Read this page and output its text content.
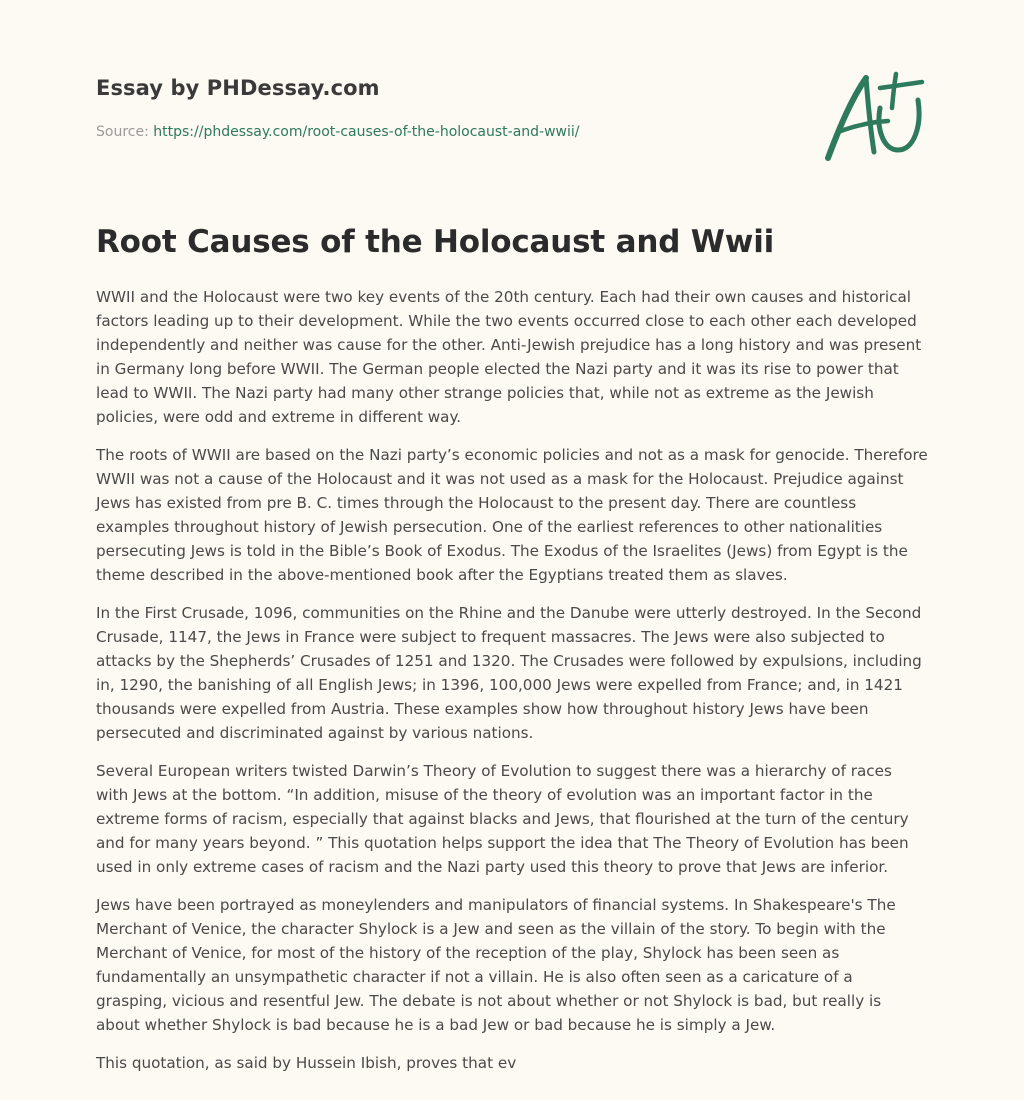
Essay by PHDessay.com

Source: https://phdessay.com/root-causes-of-the-holocaust-and-wwii/

Root Causes of the Holocaust and Wwii

WWII and the Holocaust were two key events of the 20th century. Each had their own causes and historical factors leading up to their development. While the two events occurred close to each other each developed independently and neither was cause for the other. Anti-Jewish prejudice has a long history and was present in Germany long before WWII. The German people elected the Nazi party and it was its rise to power that lead to WWII. The Nazi party had many other strange policies that, while not as extreme as the Jewish policies, were odd and extreme in different way.

The roots of WWII are based on the Nazi party’s economic policies and not as a mask for genocide. Therefore WWII was not a cause of the Holocaust and it was not used as a mask for the Holocaust. Prejudice against Jews has existed from pre B. C. times through the Holocaust to the present day. There are countless examples throughout history of Jewish persecution. One of the earliest references to other nationalities persecuting Jews is told in the Bible’s Book of Exodus. The Exodus of the Israelites (Jews) from Egypt is the theme described in the above-mentioned book after the Egyptians treated them as slaves.

In the First Crusade, 1096, communities on the Rhine and the Danube were utterly destroyed. In the Second Crusade, 1147, the Jews in France were subject to frequent massacres. The Jews were also subjected to attacks by the Shepherds’ Crusades of 1251 and 1320. The Crusades were followed by expulsions, including in, 1290, the banishing of all English Jews; in 1396, 100,000 Jews were expelled from France; and, in 1421 thousands were expelled from Austria. These examples show how throughout history Jews have been persecuted and discriminated against by various nations.

Several European writers twisted Darwin’s Theory of Evolution to suggest there was a hierarchy of races with Jews at the bottom. “In addition, misuse of the theory of evolution was an important factor in the extreme forms of racism, especially that against blacks and Jews, that flourished at the turn of the century and for many years beyond. ” This quotation helps support the idea that The Theory of Evolution has been used in only extreme cases of racism and the Nazi party used this theory to prove that Jews are inferior.

Jews have been portrayed as moneylenders and manipulators of financial systems. In Shakespeare's The Merchant of Venice, the character Shylock is a Jew and seen as the villain of the story. To begin with the Merchant of Venice, for most of the history of the reception of the play, Shylock has been seen as fundamentally an unsympathetic character if not a villain. He is also often seen as a caricature of a grasping, vicious and resentful Jew. The debate is not about whether or not Shylock is bad, but really is about whether Shylock is bad because he is a bad Jew or bad because he is simply a Jew.

This quotation, as said by Hussein Ibish, proves that ev
